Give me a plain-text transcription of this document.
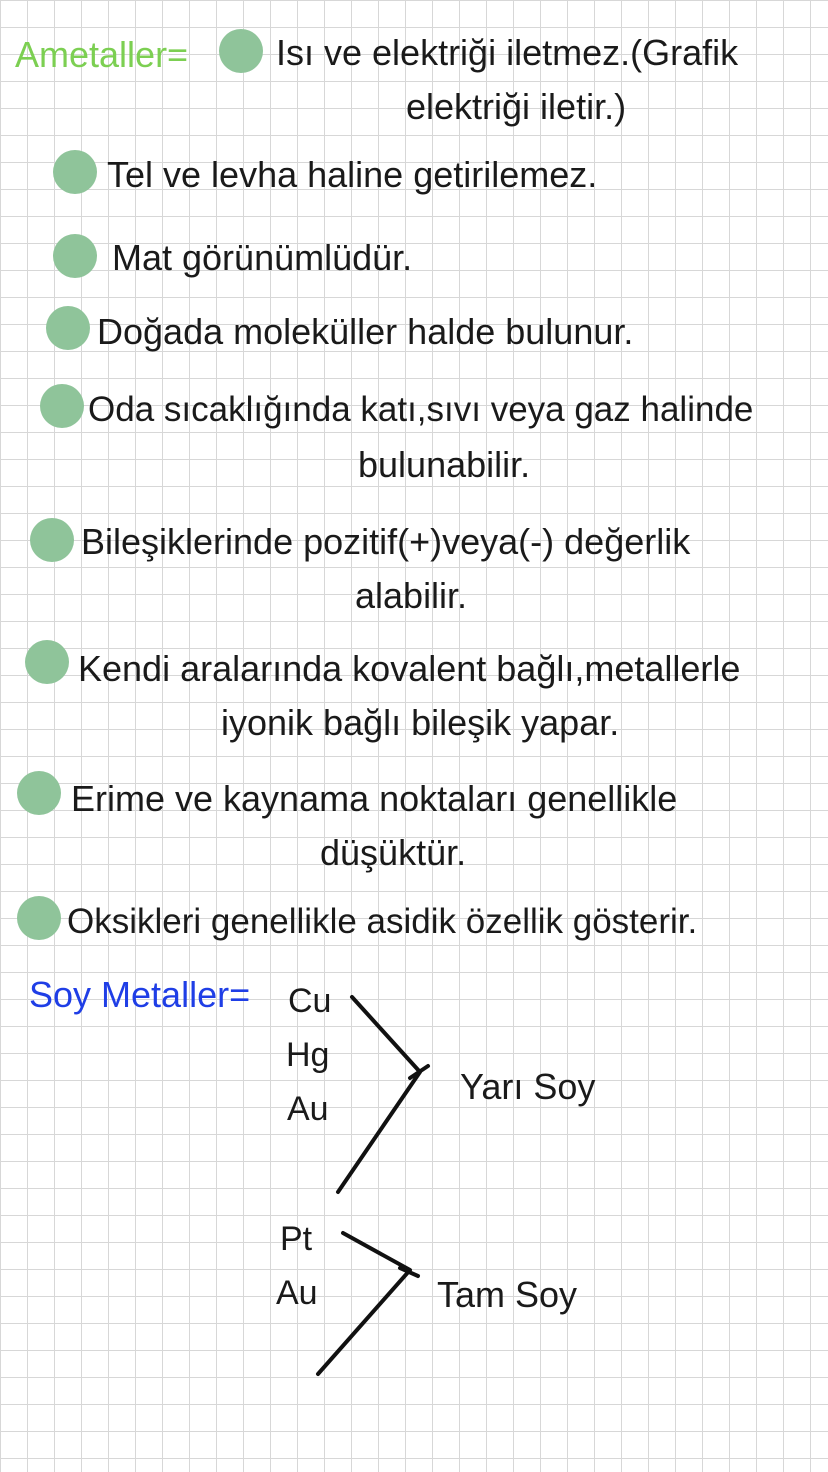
Ametaller= Isı ve elektriği iletmez.(Grafik
elektriği iletir.)
Tel ve levha haline getirilemez.
Mat görünümlüdür.
Doğada moleküller halde bulunur.
Oda sıcaklığında katı,sıvı veya gaz halinde
bulunabilir.
Bileşiklerinde pozitif(+)veya(-) değerlik
alabilir.
Kendi aralarında kovalent bağlı,metallerle
iyonik bağlı bileşik yapar.
Erime ve kaynama noktaları genellikle
düşüktür.
Oksikleri genellikle asidik özellik gösterir.
Soy Metaller= Cu
Hg
Au
Yarı Soy
Pt
Au	Tam Soy
